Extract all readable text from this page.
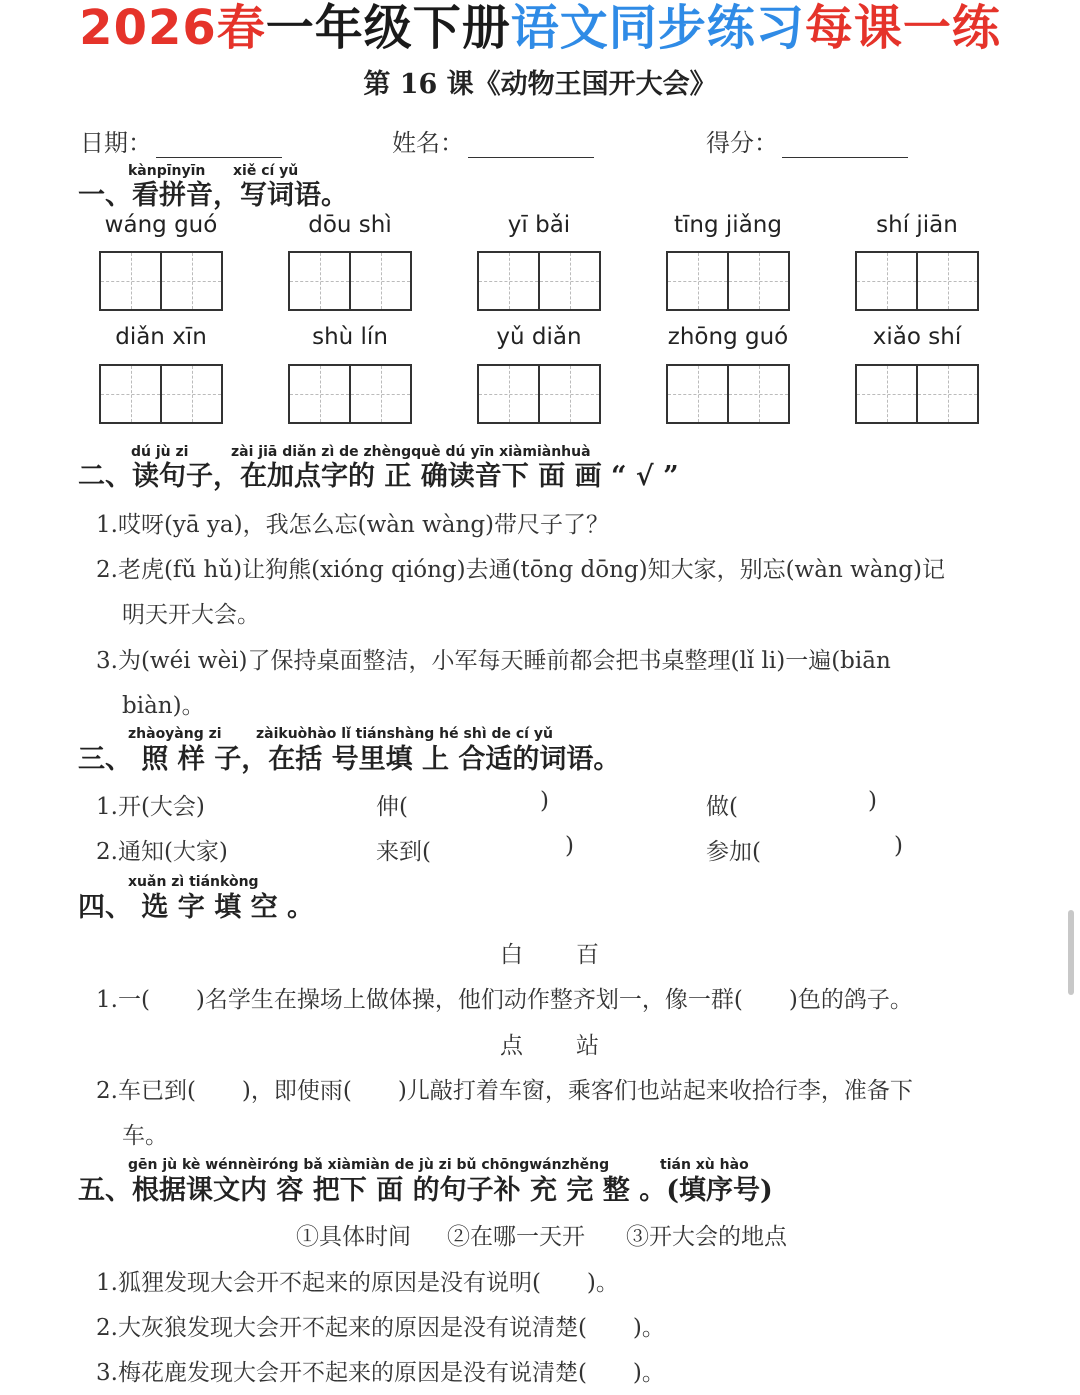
2026春一年级下册语文同步练习每课一练
第 16 课《动物王国开大会》
日期：	姓名：	得分：
kànpīnyīn xiě cí yǔ
一、看拼音，写词语。
wáng guó	dōu shì	yī bǎi	tīng jiǎng	shí jiān
diǎn xīn	shù lín	yǔ diǎn	zhōng guó	xiǎo shí
dú jù zi	zài jiā diǎn zì de zhèngquè dú yīn xiàmiànhuà
二、读句子，在加点字的 正 确读音下 面 画 “ √ ”
1.哎呀(yā ya)，我怎么忘(wàn wàng)带尺子了？
2.老虎(fǔ hǔ)让狗熊(xióng qióng)去通(tōng dōng)知大家，别忘(wàn wàng)记
明天开大会。
3.为(wéi wèi)了保持桌面整洁，小军每天睡前都会把书桌整理(lǐ li)一遍(biān
biàn)。
zhàoyàng zi zàikuòhào lǐ tiánshàng hé shì de cí yǔ
三、 照 样 子，在括 号里填 上 合适的词语。
1.开(大会)	伸(	)	做(	)
2.通知(大家)	来到(	)	参加(	)
xuǎn zì tiánkòng
四、 选 字 填 空 。
白 百
1.一(　　)名学生在操场上做体操，他们动作整齐划一，像一群(　　)色的鸽子。
点 站
2.车已到(　　)，即使雨(　　)儿敲打着车窗，乘客们也站起来收拾行李，准备下
车。
gēn jù kè wénnèiróng bǎ xiàmiàn de jù zi bǔ chōngwánzhěng	tián xù hào
五、根据课文内 容 把下 面 的句子补 充 完 整 。(填序号)
①具体时间 ②在哪一天开 ③开大会的地点
1.狐狸发现大会开不起来的原因是没有说明(　　)。
2.大灰狼发现大会开不起来的原因是没有说清楚(　　)。
3.梅花鹿发现大会开不起来的原因是没有说清楚(　　)。
